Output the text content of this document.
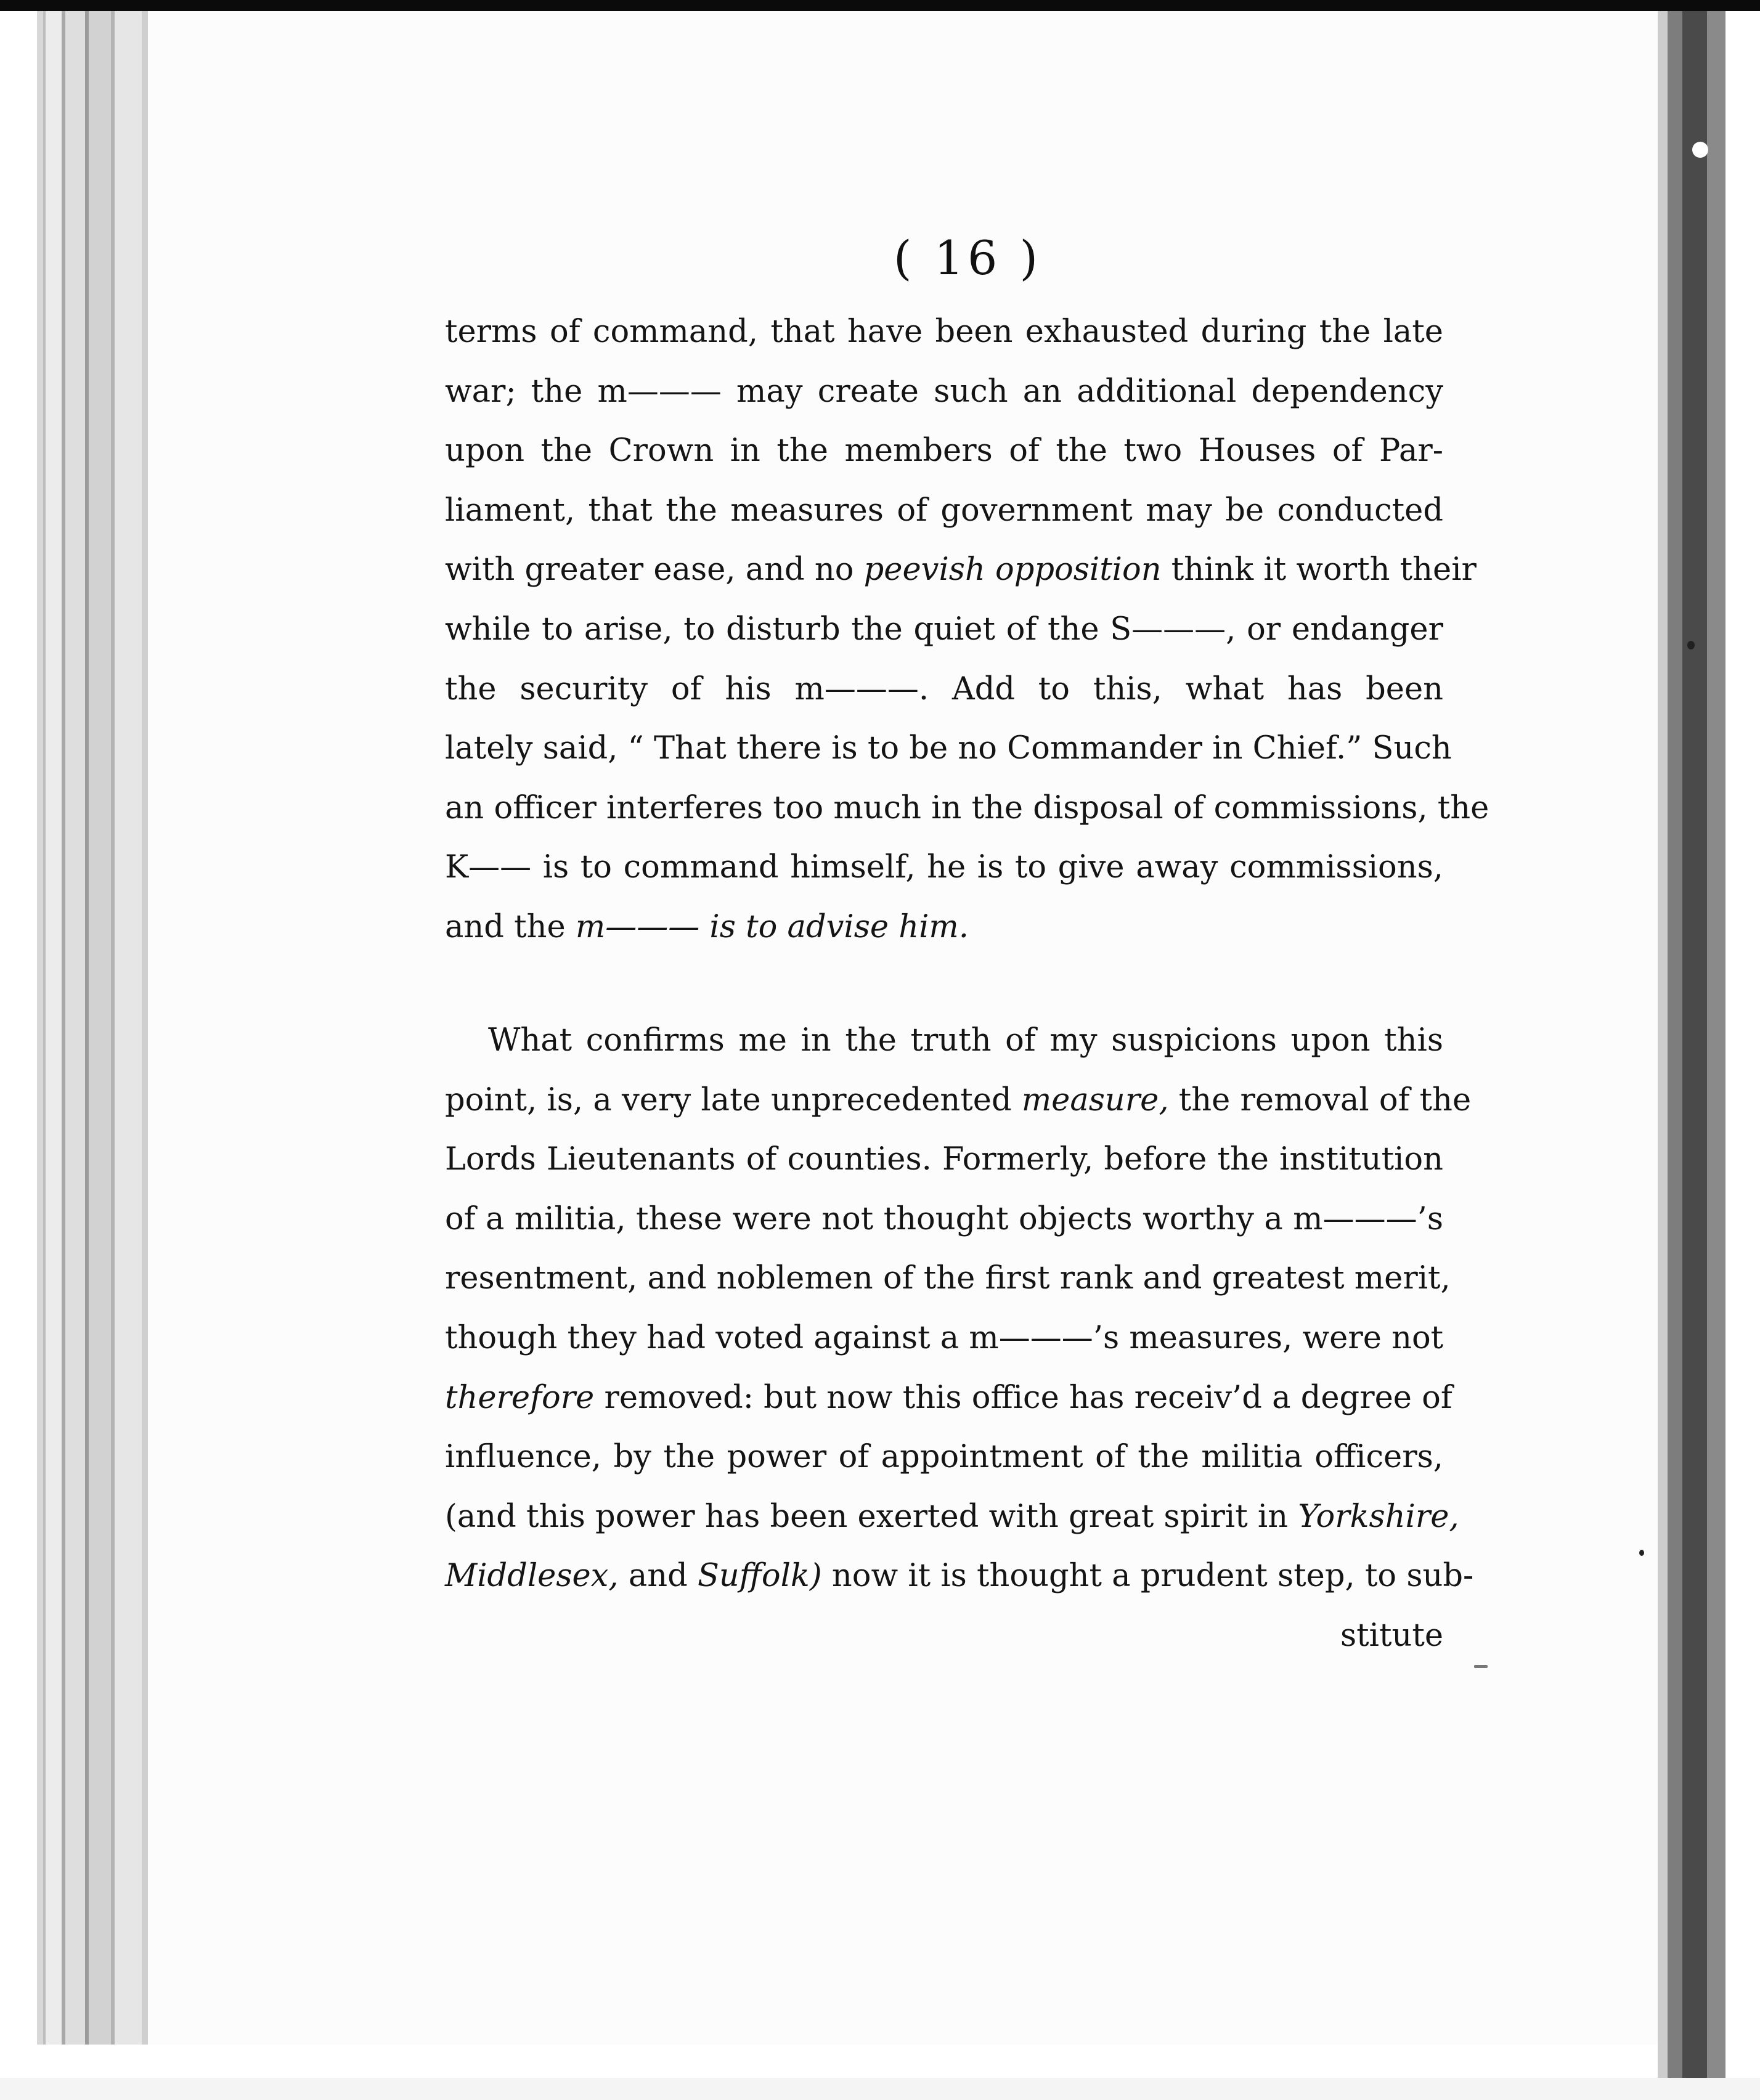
( 16 )
terms of command, that have been exhausted during the late
war; the m——— may create such an additional dependency
upon the Crown in the members of the two Houses of Par-
liament, that the measures of government may be conducted
with greater ease, and no peevish opposition think it worth their
while to arise, to disturb the quiet of the S———, or endanger
the security of his m———. Add to this, what has been
lately said, “ That there is to be no Commander in Chief.” Such
an officer interferes too much in the disposal of commissions, the
K—— is to command himself, he is to give away commissions,
and the m——— is to advise him.
What confirms me in the truth of my suspicions upon this
point, is, a very late unprecedented measure, the removal of the
Lords Lieutenants of counties. Formerly, before the institution
of a militia, these were not thought objects worthy a m———’s
resentment, and noblemen of the first rank and greatest merit,
though they had voted against a m———’s measures, were not
therefore removed: but now this office has receiv’d a degree of
influence, by the power of appointment of the militia officers,
(and this power has been exerted with great spirit in Yorkshire,
Middlesex, and Suffolk) now it is thought a prudent step, to sub-
stitute
